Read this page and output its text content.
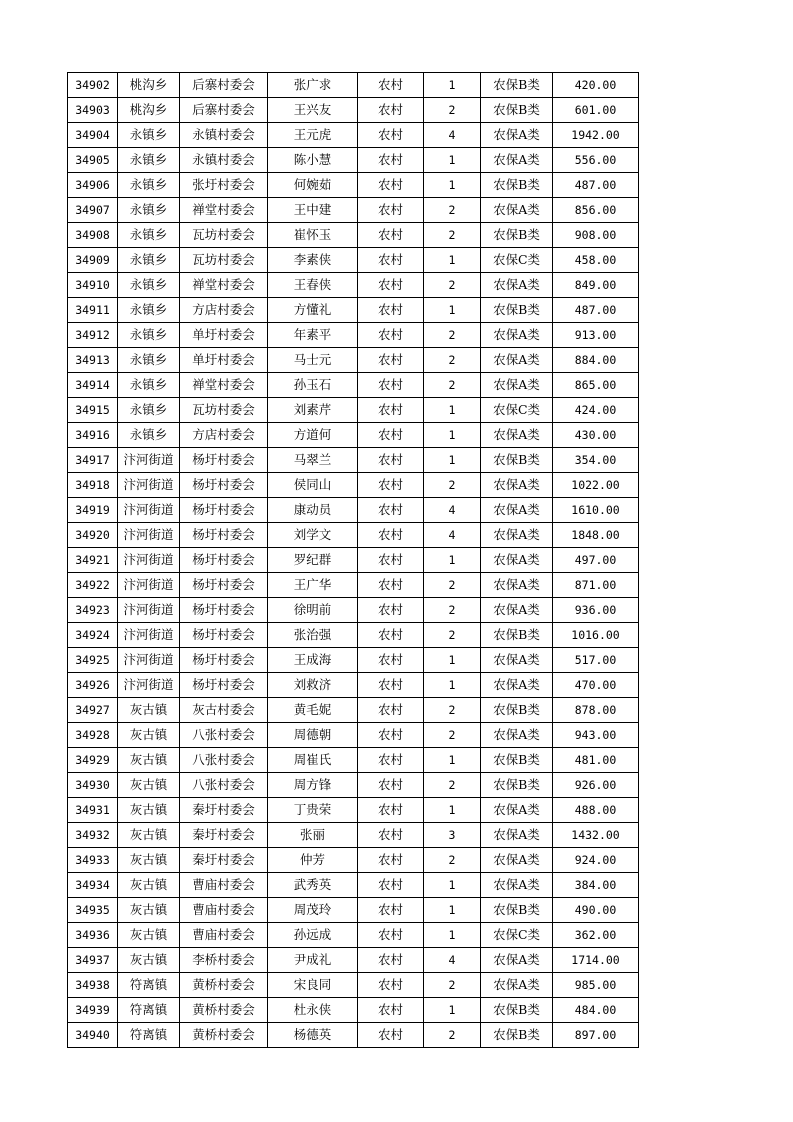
34902	桃沟乡	后寨村委会	张广求	农村	1	农保B类	420.00
34903	桃沟乡	后寨村委会	王兴友	农村	2	农保B类	601.00
34904	永镇乡	永镇村委会	王元虎	农村	4	农保A类	1942.00
34905	永镇乡	永镇村委会	陈小慧	农村	1	农保A类	556.00
34906	永镇乡	张圩村委会	何婉茹	农村	1	农保B类	487.00
34907	永镇乡	禅堂村委会	王中建	农村	2	农保A类	856.00
34908	永镇乡	瓦坊村委会	崔怀玉	农村	2	农保B类	908.00
34909	永镇乡	瓦坊村委会	李素侠	农村	1	农保C类	458.00
34910	永镇乡	禅堂村委会	王春侠	农村	2	农保A类	849.00
34911	永镇乡	方店村委会	方懂礼	农村	1	农保B类	487.00
34912	永镇乡	单圩村委会	年素平	农村	2	农保A类	913.00
34913	永镇乡	单圩村委会	马士元	农村	2	农保A类	884.00
34914	永镇乡	禅堂村委会	孙玉石	农村	2	农保A类	865.00
34915	永镇乡	瓦坊村委会	刘素芹	农村	1	农保C类	424.00
34916	永镇乡	方店村委会	方道何	农村	1	农保A类	430.00
34917	汴河街道	杨圩村委会	马翠兰	农村	1	农保B类	354.00
34918	汴河街道	杨圩村委会	侯同山	农村	2	农保A类	1022.00
34919	汴河街道	杨圩村委会	康动员	农村	4	农保A类	1610.00
34920	汴河街道	杨圩村委会	刘学文	农村	4	农保A类	1848.00
34921	汴河街道	杨圩村委会	罗纪群	农村	1	农保A类	497.00
34922	汴河街道	杨圩村委会	王广华	农村	2	农保A类	871.00
34923	汴河街道	杨圩村委会	徐明前	农村	2	农保A类	936.00
34924	汴河街道	杨圩村委会	张治强	农村	2	农保B类	1016.00
34925	汴河街道	杨圩村委会	王成海	农村	1	农保A类	517.00
34926	汴河街道	杨圩村委会	刘救济	农村	1	农保A类	470.00
34927	灰古镇	灰古村委会	黄毛妮	农村	2	农保B类	878.00
34928	灰古镇	八张村委会	周德朝	农村	2	农保A类	943.00
34929	灰古镇	八张村委会	周崔氏	农村	1	农保B类	481.00
34930	灰古镇	八张村委会	周方锋	农村	2	农保B类	926.00
34931	灰古镇	秦圩村委会	丁贵荣	农村	1	农保A类	488.00
34932	灰古镇	秦圩村委会	张丽	农村	3	农保A类	1432.00
34933	灰古镇	秦圩村委会	仲芳	农村	2	农保A类	924.00
34934	灰古镇	曹庙村委会	武秀英	农村	1	农保A类	384.00
34935	灰古镇	曹庙村委会	周茂玲	农村	1	农保B类	490.00
34936	灰古镇	曹庙村委会	孙远成	农村	1	农保C类	362.00
34937	灰古镇	李桥村委会	尹成礼	农村	4	农保A类	1714.00
34938	符离镇	黄桥村委会	宋良同	农村	2	农保A类	985.00
34939	符离镇	黄桥村委会	杜永侠	农村	1	农保B类	484.00
34940	符离镇	黄桥村委会	杨德英	农村	2	农保B类	897.00
